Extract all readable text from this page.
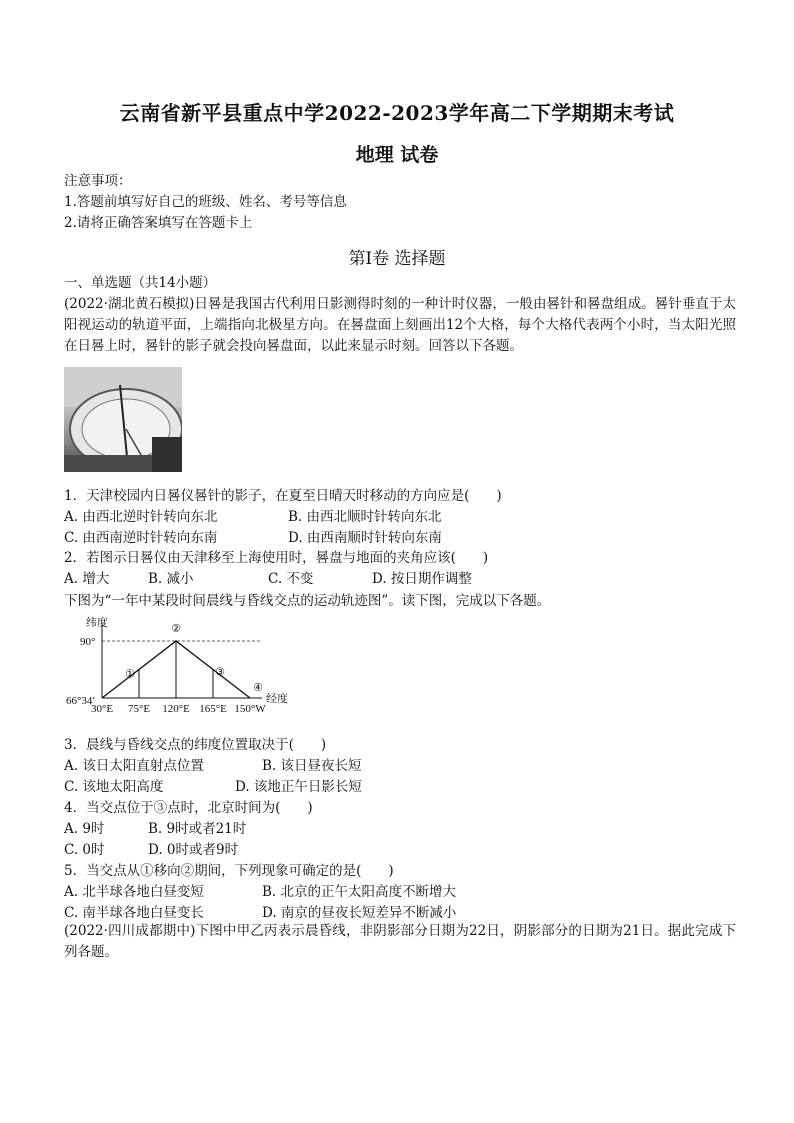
云南省新平县重点中学2022-2023学年高二下学期期末考试
地理 试卷
注意事项：
1.答题前填写好自己的班级、姓名、考号等信息
2.请将正确答案填写在答题卡上
第Ⅰ卷 选择题
一、单选题（共14小题）
(2022·湖北黄石模拟)日晷是我国古代利用日影测得时刻的一种计时仪器，一般由晷针和晷盘组成。晷针垂直于太阳视运动的轨道平面，上端指向北极星方向。在晷盘面上刻画出12个大格，每个大格代表两个小时，当太阳光照在日晷上时，晷针的影子就会投向晷盘面，以此来显示时刻。回答以下各题。
1．天津校园内日晷仪晷针的影子，在夏至日晴天时移动的方向应是(　　)
A. 由西北逆时针转向东北	B. 由西北顺时针转向东北
C. 由西南逆时针转向东南	D. 由西南顺时针转向东南
2．若图示日晷仪由天津移至上海使用时，晷盘与地面的夹角应该(　　)
A. 增大	B. 减小	C. 不变	D. 按日期作调整
下图为“一年中某段时间晨线与昏线交点的运动轨迹图”。读下图，完成以下各题。
90°
66°34′
30°E 75°E 120°E 165°E 150°W
①
②
③
④
纬度
经度
3．晨线与昏线交点的纬度位置取决于(　　)
A. 该日太阳直射点位置	B. 该日昼夜长短
C. 该地太阳高度	D. 该地正午日影长短
4．当交点位于③点时，北京时间为(　　)
A. 9时	B. 9时或者21时
C. 0时	D. 0时或者9时
5．当交点从①移向②期间，下列现象可确定的是(　　)
A. 北半球各地白昼变短	B. 北京的正午太阳高度不断增大
C. 南半球各地白昼变长	D. 南京的昼夜长短差异不断减小
(2022·四川成都期中)下图中甲乙丙表示晨昏线，非阴影部分日期为22日，阴影部分的日期为21日。据此完成下列各题。
